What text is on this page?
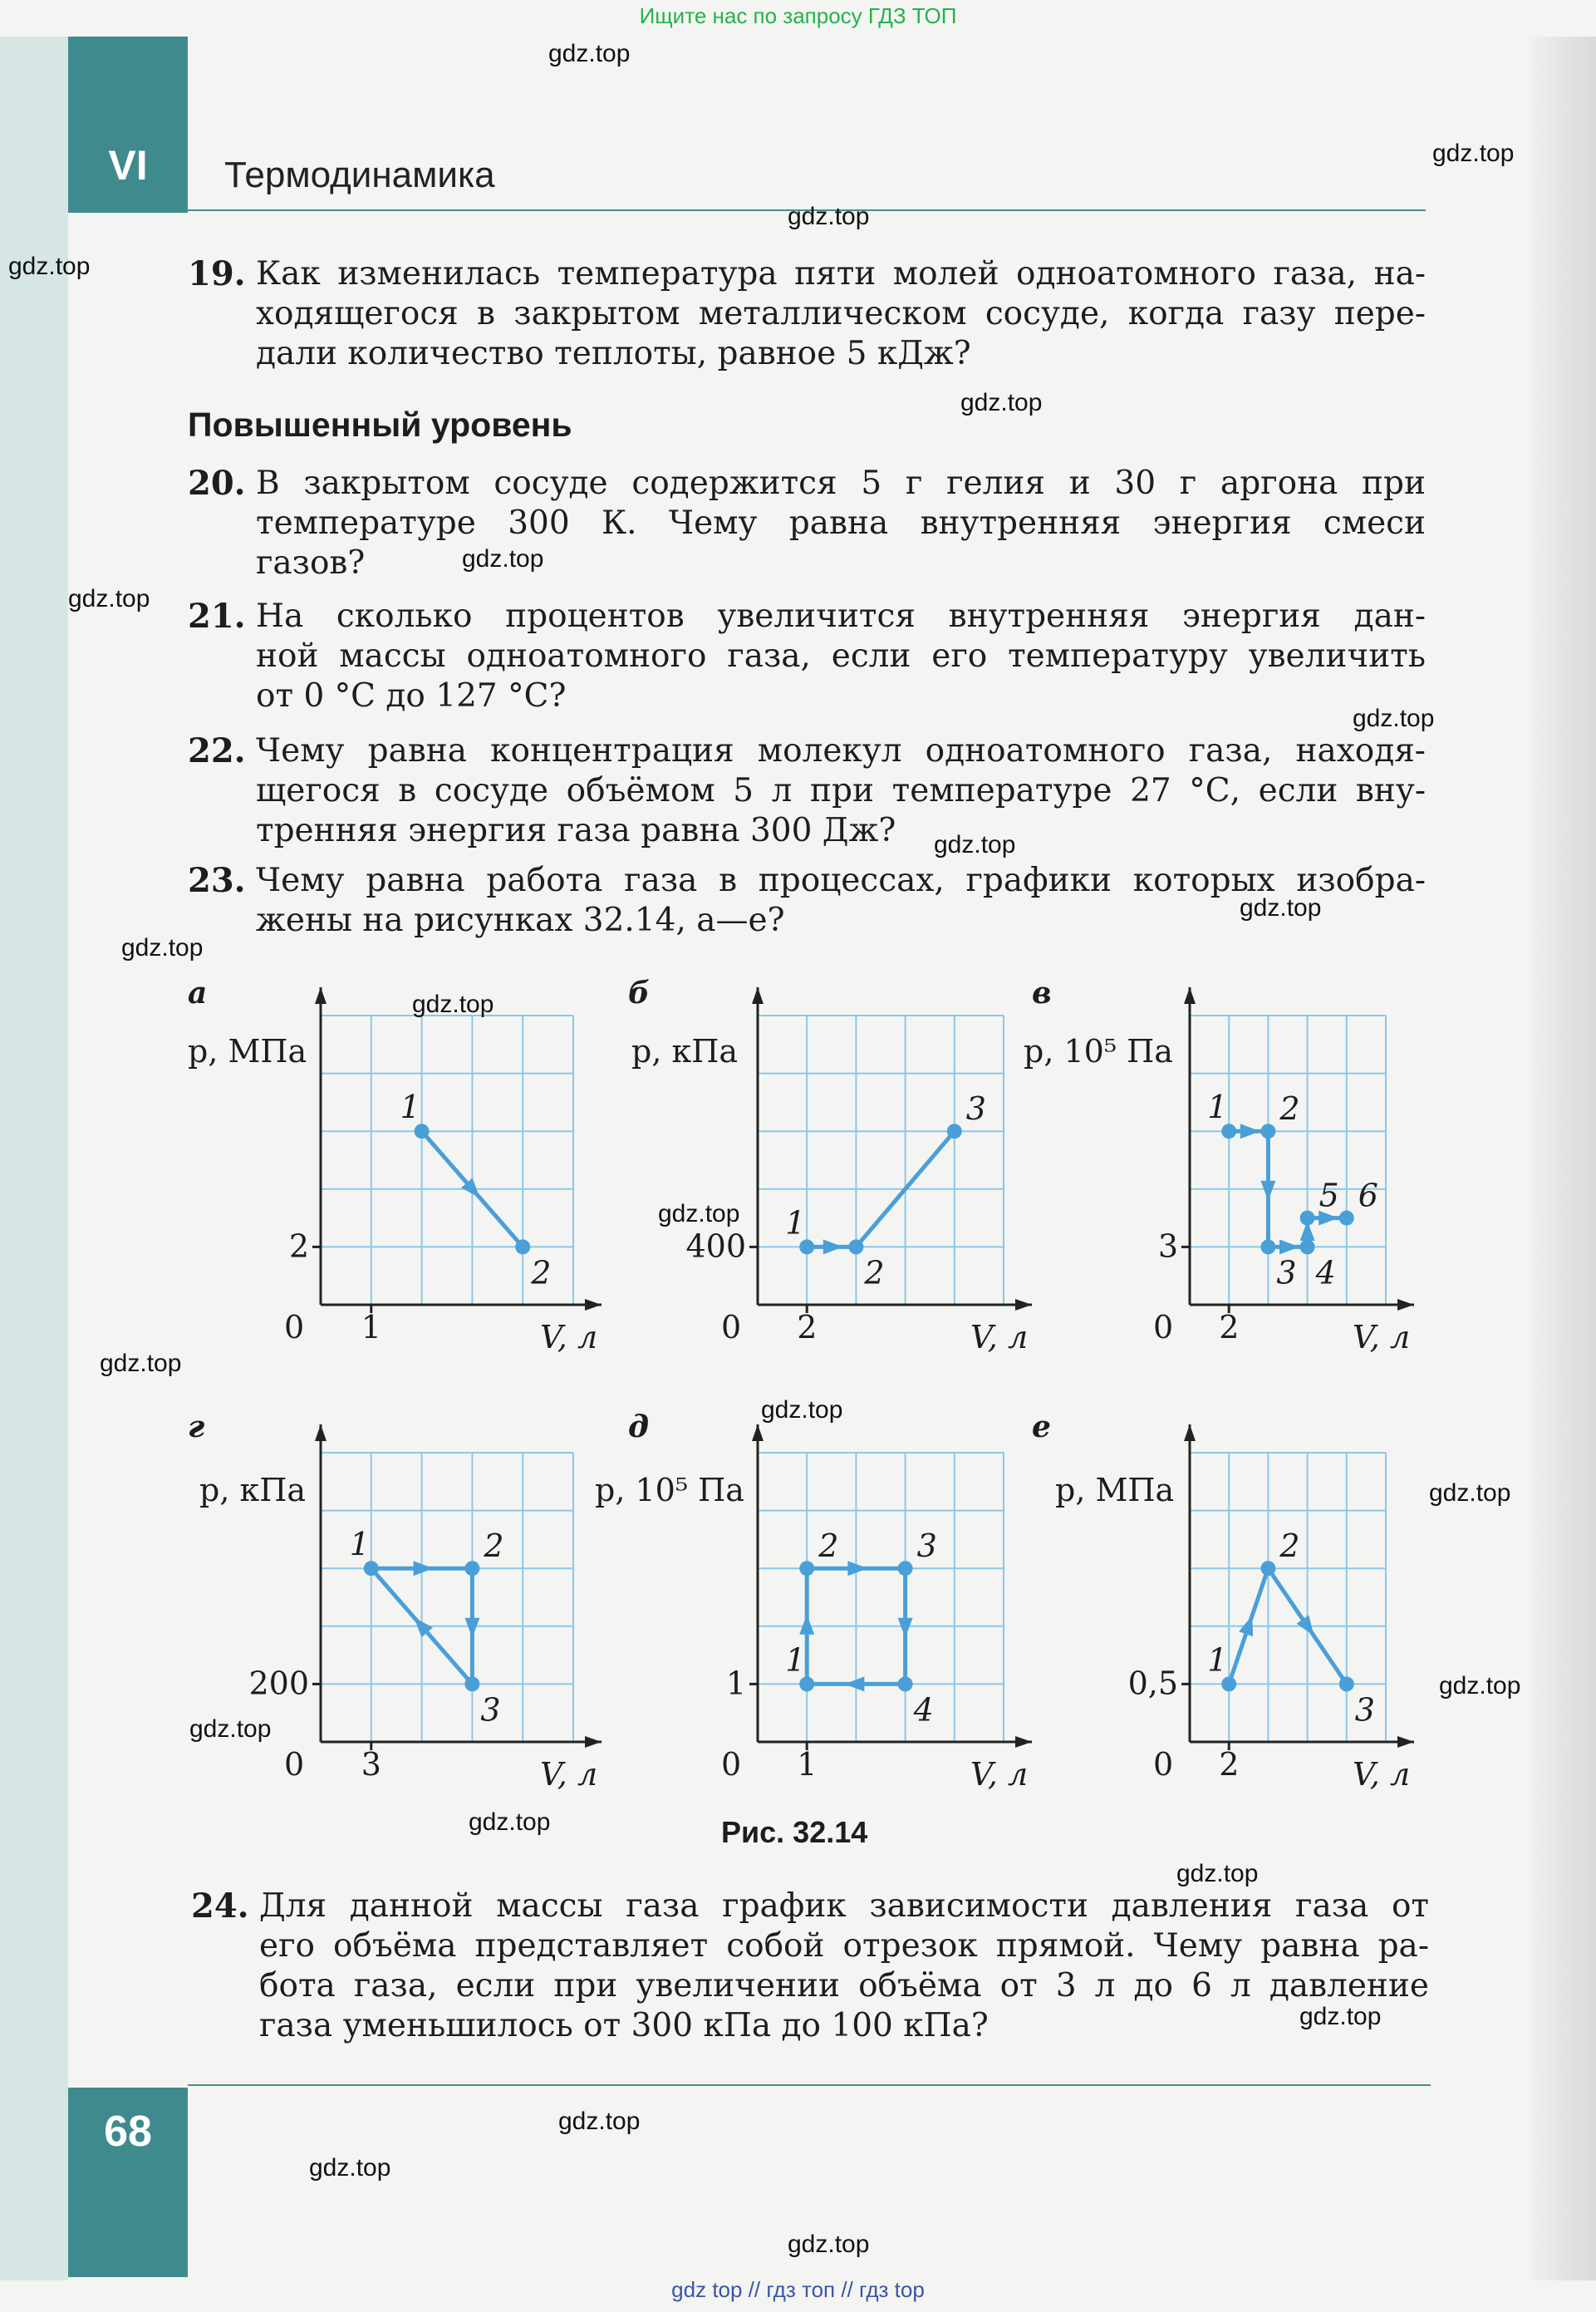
Ищите нас по запросу ГДЗ ТОП
VI	Термодинамика
19. Как изменилась температура пяти молей одноатомного газа, на-
ходящегося в закрытом металлическом сосуде, когда газу пере-
дали количество теплоты, равное 5 кДж?
Повышенный уровень
20. В закрытом сосуде содержится 5 г гелия и 30 г аргона при
температуре 300 К. Чему равна внутренняя энергия смеси
газов?
21. На сколько процентов увеличится внутренняя энергия дан-
ной массы одноатомного газа, если его температуру увеличить
от 0 °С до 127 °С?
22. Чему равна концентрация молекул одноатомного газа, находя-
щегося в сосуде объёмом 5 л при температуре 27 °С, если вну-
тренняя энергия газа равна 300 Дж?
23. Чему равна работа газа в процессах, графики которых изобра-
жены на рисунках 32.14, а—е?
а	б	в
г	д	е
p, МПа
V, л
0 1
2
1
2
p, кПа
V, л
0 2
400
1
2
3
p, 10⁵ Па
V, л
0 2
3
1 2
3 4
5 6
p, кПа
V, л
0 3
200
1	2
3
p, 10⁵ Па
V, л
0 1
1
1
2 3
4
p, МПа
V, л
0 2
0,5
1
2
3
Рис. 32.14
24. Для данной массы газа график зависимости давления газа от
его объёма представляет собой отрезок прямой. Чему равна ра-
бота газа, если при увеличении объёма от 3 л до 6 л давление
газа уменьшилось от 300 кПа до 100 кПа?
68
gdz top // гдз топ // гдз top
gdz.top
gdz.top
gdz.top
gdz.top
gdz.top
gdz.top
gdz.top
gdz.top
gdz.top
gdz.top
gdz.top
gdz.top
gdz.top
gdz.top
gdz.top
gdz.top
gdz.top
gdz.top
gdz.top
gdz.top
gdz.top
gdz.top
gdz.top
gdz.top
